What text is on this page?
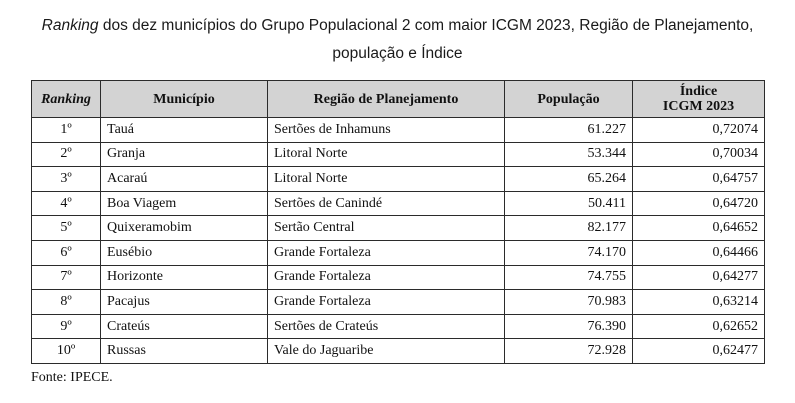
Ranking dos dez municípios do Grupo Populacional 2 com maior ICGM 2023, Região de Planejamento,
população e Índice
Ranking	Município	Região de Planejamento	População	Índice
ICGM 2023
1º	Tauá	Sertões de Inhamuns	61.227	0,72074
2º	Granja	Litoral Norte	53.344	0,70034
3º	Acaraú	Litoral Norte	65.264	0,64757
4º	Boa Viagem	Sertões de Canindé	50.411	0,64720
5º	Quixeramobim	Sertão Central	82.177	0,64652
6º	Eusébio	Grande Fortaleza	74.170	0,64466
7º	Horizonte	Grande Fortaleza	74.755	0,64277
8º	Pacajus	Grande Fortaleza	70.983	0,63214
9º	Crateús	Sertões de Crateús	76.390	0,62652
10º	Russas	Vale do Jaguaribe	72.928	0,62477
Fonte: IPECE.
